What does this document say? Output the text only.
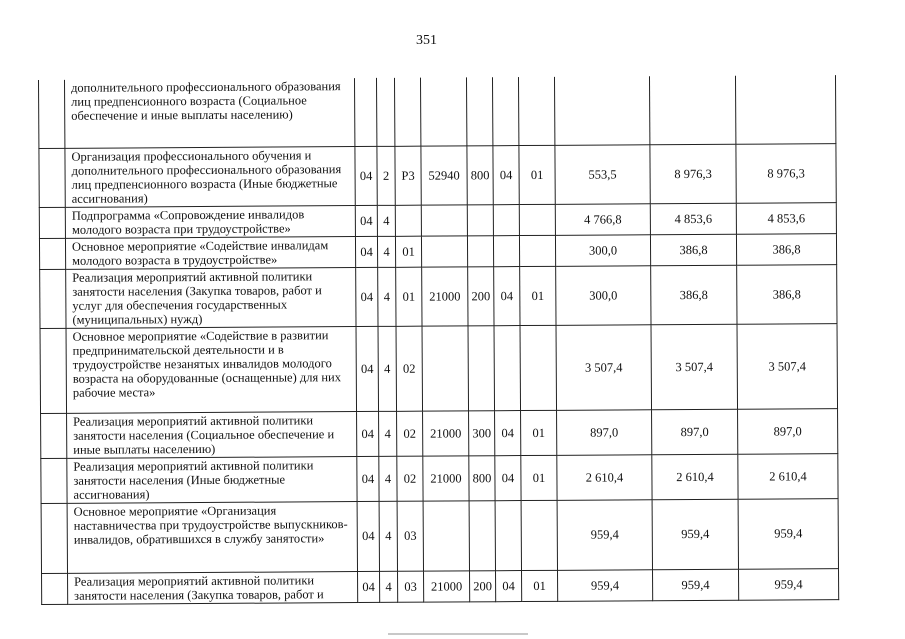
351
	дополнительного профессионального образования лиц предпенсионного возраста (Социальное обеспечение и иные выплаты населению)										
	Организация профессионального обучения и дополнительного профессионального образования лиц предпенсионного возраста (Иные бюджетные ассигнования)	04	2	P3	52940	800	04	01	553,5	8 976,3	8 976,3
	Подпрограмма «Сопровождение инвалидов молодого возраста при трудоустройстве»	04	4						4 766,8	4 853,6	4 853,6
	Основное мероприятие «Содействие инвалидам молодого возраста в трудоустройстве»	04	4	01					300,0	386,8	386,8
	Реализация мероприятий активной политики занятости населения (Закупка товаров, работ и услуг для обеспечения государственных (муниципальных) нужд)	04	4	01	21000	200	04	01	300,0	386,8	386,8
	Основное мероприятие «Содействие в развитии предпринимательской деятельности и в трудоустройстве незанятых инвалидов молодого возраста на оборудованные (оснащенные) для них рабочие места»	04	4	02					3 507,4	3 507,4	3 507,4
	Реализация мероприятий активной политики занятости населения (Социальное обеспечение и иные выплаты населению)	04	4	02	21000	300	04	01	897,0	897,0	897,0
	Реализация мероприятий активной политики занятости населения (Иные бюджетные ассигнования)	04	4	02	21000	800	04	01	2 610,4	2 610,4	2 610,4
	Основное мероприятие «Организация наставничества при трудоустройстве выпускников-инвалидов, обратившихся в службу занятости»	04	4	03					959,4	959,4	959,4
	Реализация мероприятий активной политики занятости населения (Закупка товаров, работ и	04	4	03	21000	200	04	01	959,4	959,4	959,4
